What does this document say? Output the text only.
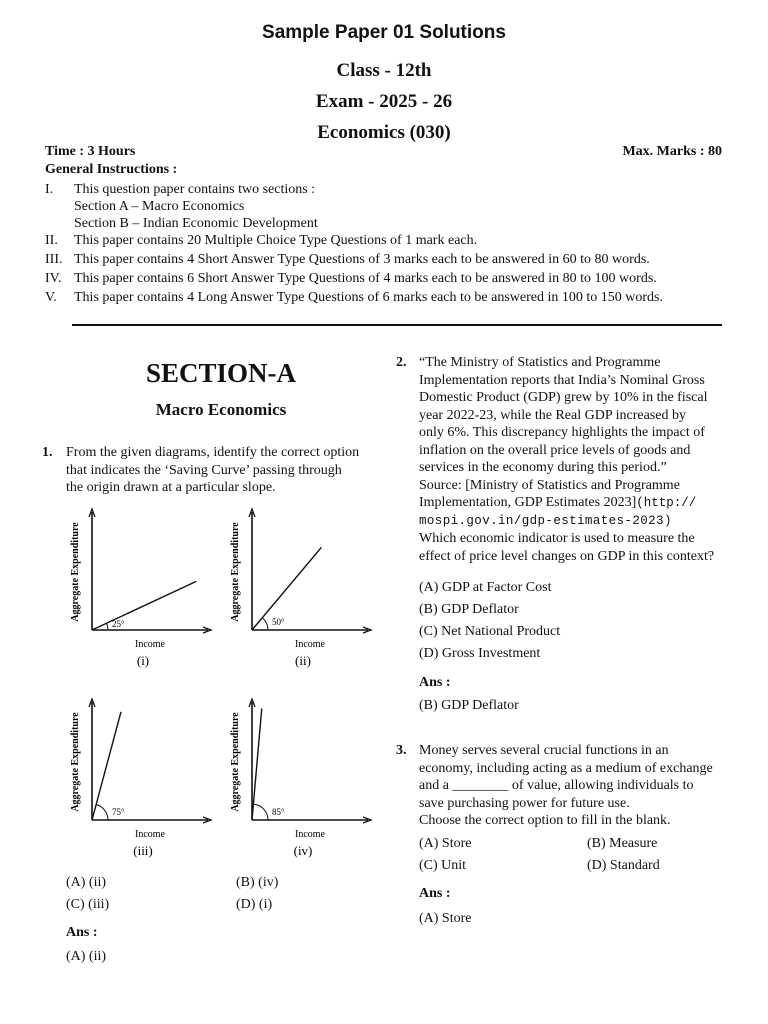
Sample Paper 01 Solutions
Class - 12th
Exam - 2025 - 26
Economics (030)
Time : 3 Hours	Max. Marks : 80
General Instructions :
I. This question paper contains two sections :
Section A – Macro Economics
Section B – Indian Economic Development
II. This paper contains 20 Multiple Choice Type Questions of 1 mark each.
III. This paper contains 4 Short Answer Type Questions of 3 marks each to be answered in 60 to 80 words.
IV. This paper contains 6 Short Answer Type Questions of 4 marks each to be answered in 80 to 100 words.
V. This paper contains 4 Long Answer Type Questions of 6 marks each to be answered in 100 to 150 words.
SECTION-A
Macro Economics
1. From the given diagrams, identify the correct option
that indicates the ‘Saving Curve’ passing through
the origin drawn at a particular slope.
25°
Aggregate Expenditure
Income
(i)
50°
Aggregate Expenditure
Income
(ii)
75°
Aggregate Expenditure
Income
(iii)
85°
Aggregate Expenditure
Income
(iv)
(A) (ii)	(B) (iv)
(C) (iii)	(D) (i)
Ans :
(A) (ii)
2. “The Ministry of Statistics and Programme
Implementation reports that India’s Nominal Gross
Domestic Product (GDP) grew by 10% in the fiscal
year 2022-23, while the Real GDP increased by
only 6%. This discrepancy highlights the impact of
inflation on the overall price levels of goods and
services in the economy during this period.”
Source: [Ministry of Statistics and Programme
Implementation, GDP Estimates 2023](http://
mospi.gov.in/gdp-estimates-2023)
Which economic indicator is used to measure the
effect of price level changes on GDP in this context?
(A) GDP at Factor Cost
(B) GDP Deflator
(C) Net National Product
(D) Gross Investment
Ans :
(B) GDP Deflator
3. Money serves several crucial functions in an
economy, including acting as a medium of exchange
and a ________ of value, allowing individuals to
save purchasing power for future use.
Choose the correct option to fill in the blank.
(A) Store	(B) Measure
(C) Unit	(D) Standard
Ans :
(A) Store
